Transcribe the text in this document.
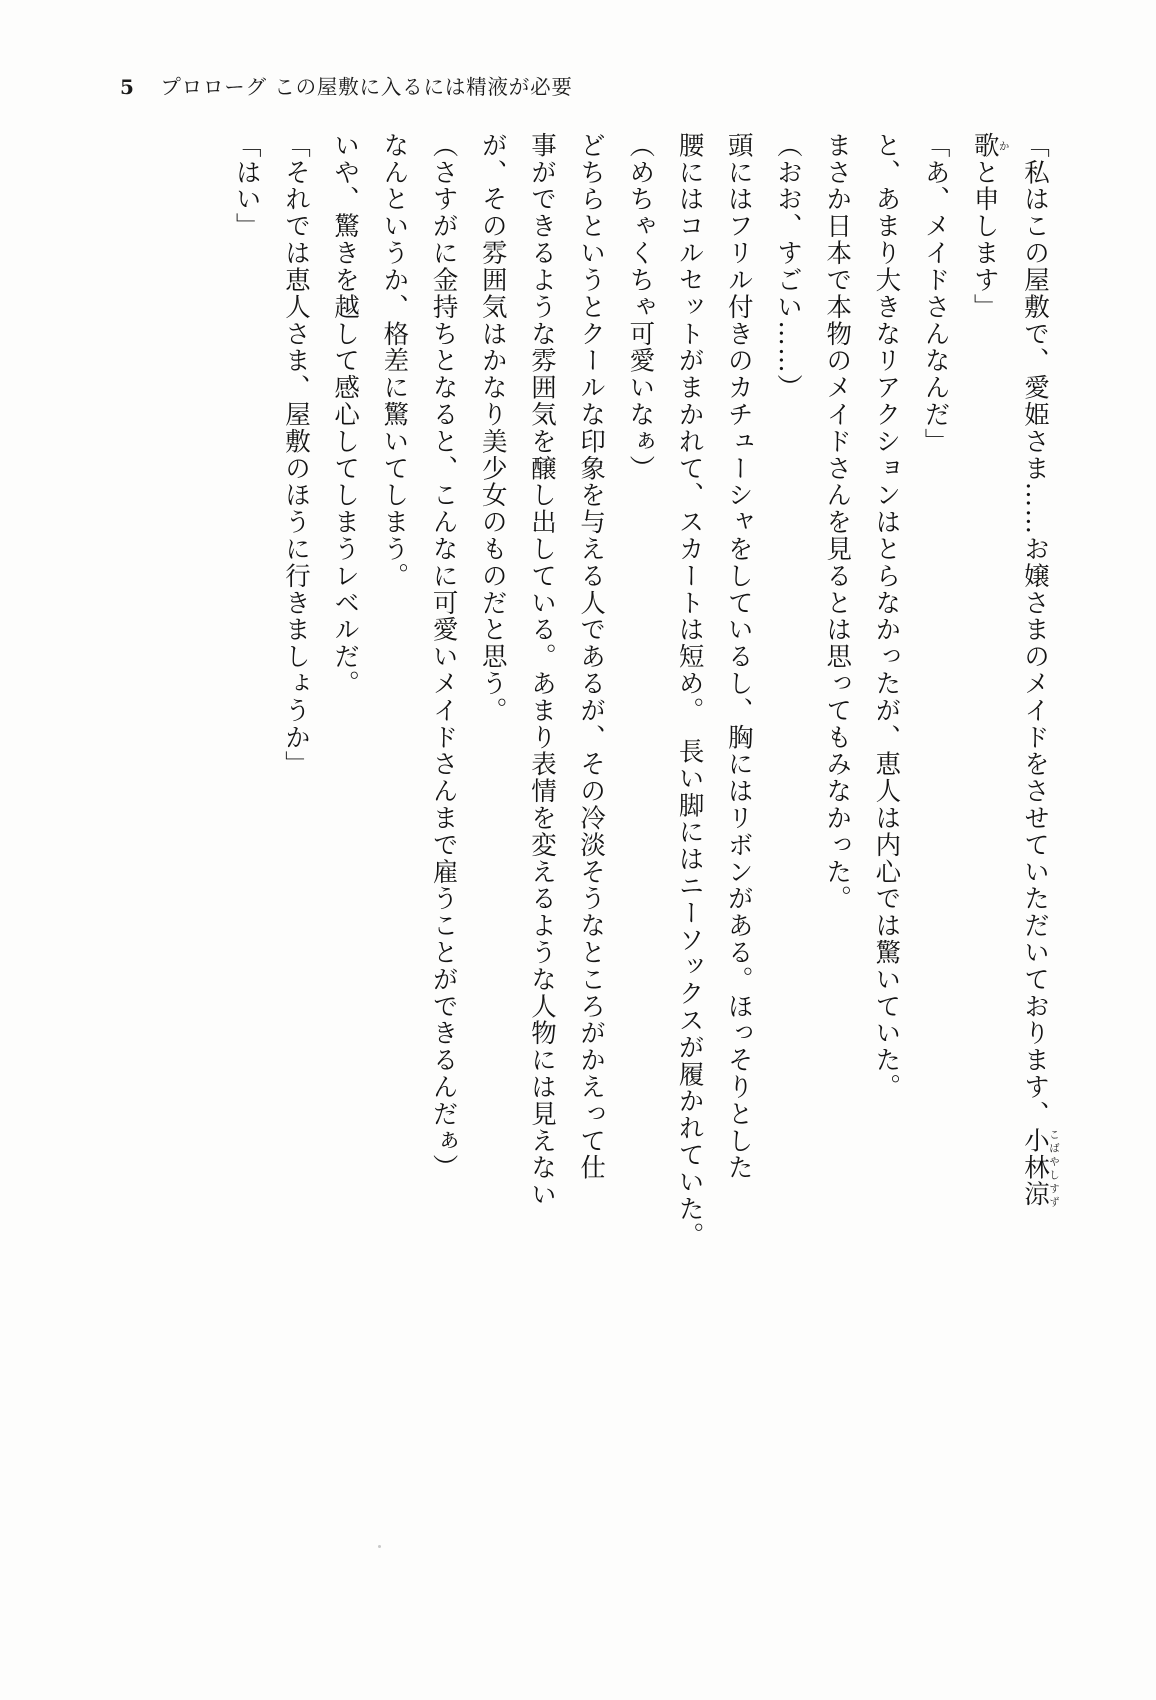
5 プロローグ この屋敷に入るには精液が必要

「私はこの屋敷で、愛姫さま……お嬢さまのメイドをさせていただいております、小林涼こばやしすず

歌かと申します」

「あ、メイドさんなんだ」

と、あまり大きなリアクションはとらなかったが、恵人は内心では驚いていた。

まさか日本で本物のメイドさんを見るとは思ってもみなかった。

（おお、すごい……）

頭にはフリル付きのカチューシャをしているし、胸にはリボンがある。ほっそりとした

腰にはコルセットがまかれて、スカートは短め。　長い脚にはニーソックスが履かれていた。

（めちゃくちゃ可愛いなぁ）

どちらというとクールな印象を与える人であるが、その冷淡そうなところがかえって仕

事ができるような雰囲気を醸し出している。あまり表情を変えるような人物には見えない

が、その雰囲気はかなり美少女のものだと思う。

（さすがに金持ちとなると、こんなに可愛いメイドさんまで雇うことができるんだぁ）

なんというか、格差に驚いてしまう。

いや、驚きを越して感心してしまうレベルだ。

「それでは恵人さま、屋敷のほうに行きましょうか」

「はい」
